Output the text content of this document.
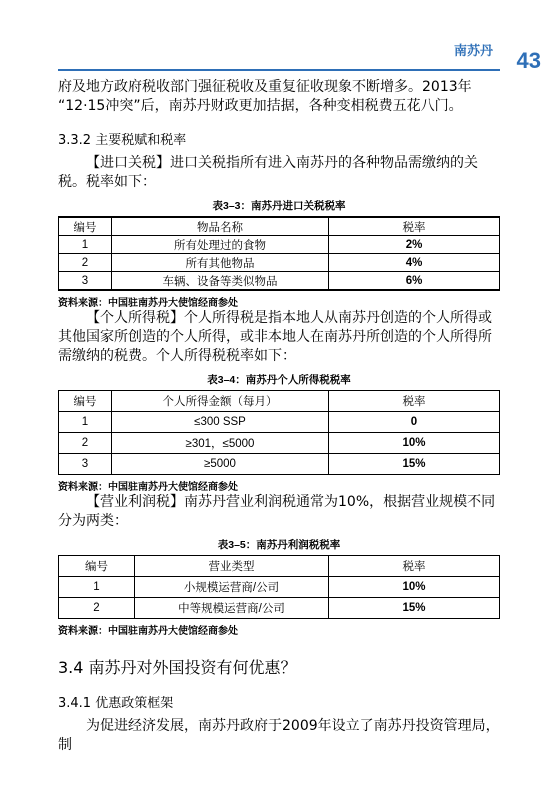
南苏丹 43

府及地方政府税收部门强征税收及重复征收现象不断增多。2013年

“12·15冲突”后，南苏丹财政更加拮据，各种变相税费五花八门。

3.3.2 主要税赋和税率

【进口关税】进口关税指所有进入南苏丹的各种物品需缴纳的关税。税率如下：

表3–3：南苏丹进口关税税率
编号	物品名称	税率
1	所有处理过的食物	2%
2	所有其他物品	4%
3	车辆、设备等类似物品	6%

资料来源：中国驻南苏丹大使馆经商参处

【个人所得税】个人所得税是指本地人从南苏丹创造的个人所得或其他国家所创造的个人所得，或非本地人在南苏丹所创造的个人所得所需缴纳的税费。个人所得税税率如下：

表3–4：南苏丹个人所得税税率
编号	个人所得金额（每月）	税率
1	≤300 SSP	0
2	≥301，≤5000	10%
3	≥5000	15%

资料来源：中国驻南苏丹大使馆经商参处

【营业利润税】南苏丹营业利润税通常为10%，根据营业规模不同分为两类：

表3–5：南苏丹利润税税率
编号	营业类型	税率
1	小规模运营商/公司	10%
2	中等规模运营商/公司	15%

资料来源：中国驻南苏丹大使馆经商参处

3.4 南苏丹对外国投资有何优惠？

3.4.1 优惠政策框架

为促进经济发展，南苏丹政府于2009年设立了南苏丹投资管理局，制
